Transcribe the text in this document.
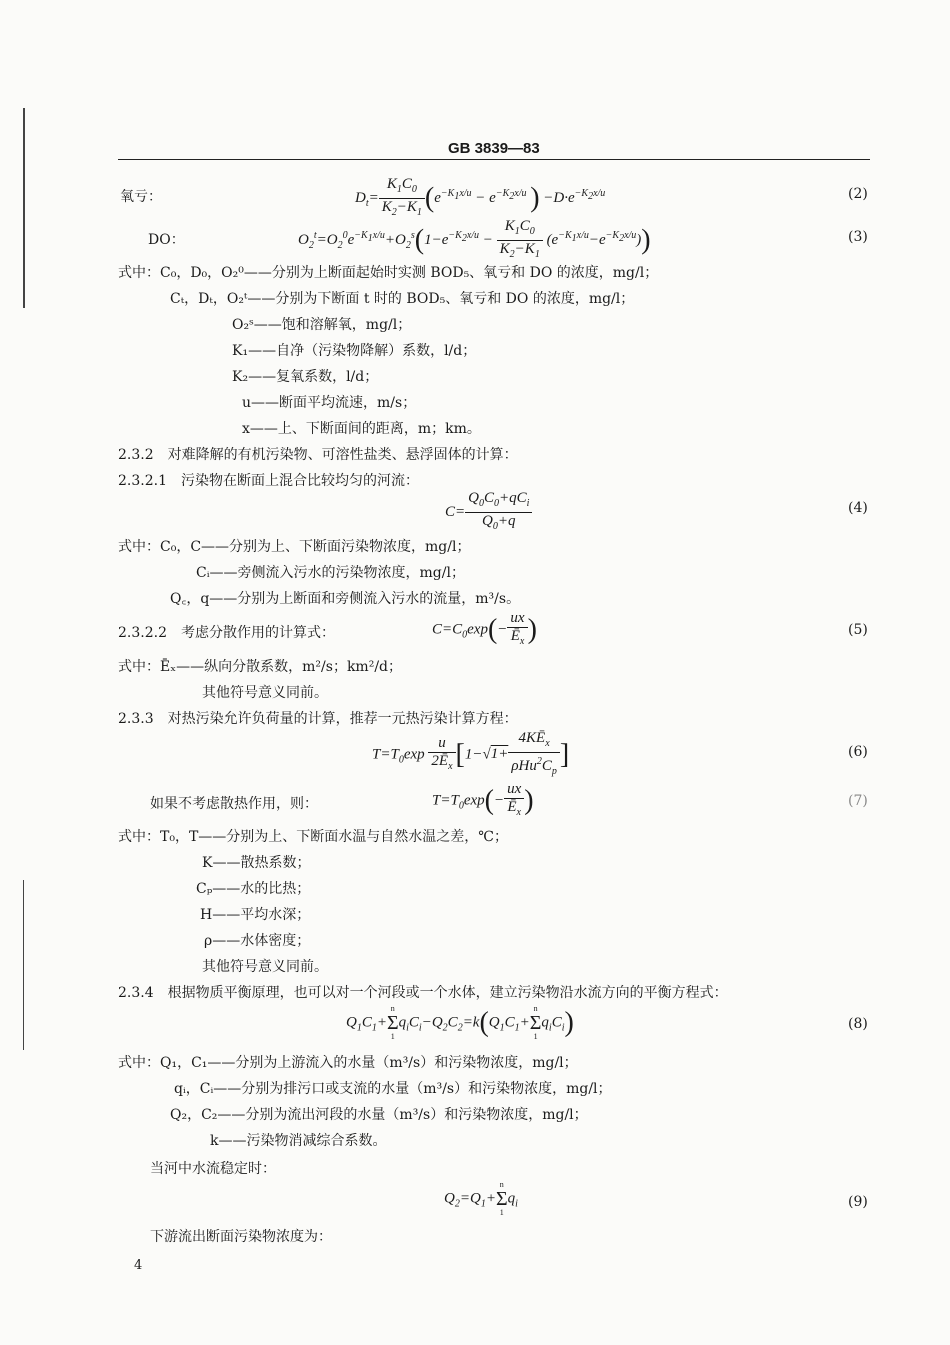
GB 3839—83
氧亏：	$D_t= \frac{K_1C_0}{K_2-K_1} (e^{-K_1x/u} - e^{-K_2x/u}$ ) $-D\cdot e^{-K_2x/u}$	(2)
DO：	$O_2^t=O_2^0e^{-K_1x/u}+O_2^s(1-e^{-K_2x/u} - \frac{K_1C_0}{K_2-K_1} (e^{-K_1x/u}-e^{-K_2x/u}))$	(3)
式中：C₀，D₀，O₂⁰——分别为上断面起始时实测 BOD₅、氧亏和 DO 的浓度，mg/l；
Cₜ，Dₜ，O₂ᵗ——分别为下断面 t 时的 BOD₅、氧亏和 DO 的浓度，mg/l；
O₂ˢ——饱和溶解氧，mg/l；
K₁——自净（污染物降解）系数，l/d；
K₂——复氧系数，l/d；
u——断面平均流速，m/s；
x——上、下断面间的距离，m；km。
2.3.2　对难降解的有机污染物、可溶性盐类、悬浮固体的计算：
2.3.2.1　污染物在断面上混合比较均匀的河流：
$C= \frac{Q_0C_0+qC_i}{Q_0+q}$	(4)
式中：C₀，C——分别为上、下断面污染物浓度，mg/l；
Cᵢ——旁侧流入污水的污染物浓度，mg/l；
Q꜀，q——分别为上断面和旁侧流入污水的流量，m³/s。
2.3.2.2　考虑分散作用的计算式：	$C=C_0\exp(- \frac{ux}{Ē_x}$ )	(5)
式中：Ēₓ——纵向分散系数，m²/s；km²/d；
其他符号意义同前。
2.3.3　对热污染允许负荷量的计算，推荐一元热污染计算方程：
$T=T_0\exp \frac{u}{2Ē_x} [1-√1+ \frac{4KĒ_x}{\rho Hu^2C_p}$ ]	(6)
如果不考虑散热作用，则：	$T=T_0\exp(- \frac{ux}{Ē_x}$ )	(7)
式中：T₀，T——分别为上、下断面水温与自然水温之差，℃；
K——散热系数；
Cₚ——水的比热；
H——平均水深；
ρ——水体密度；
其他符号意义同前。
2.3.4　根据物质平衡原理，也可以对一个河段或一个水体，建立污染物沿水流方向的平衡方程式：
$Q_1C_1+$
n
Σ
1
$q_iC_i-Q_2C_2=k(Q_1C_1+$
n
Σ
1
$q_iC_i$)	(8)
式中：Q₁，C₁——分别为上游流入的水量（m³/s）和污染物浓度，mg/l；
qᵢ，Cᵢ——分别为排污口或支流的水量（m³/s）和污染物浓度，mg/l；
Q₂，C₂——分别为流出河段的水量（m³/s）和污染物浓度，mg/l；
k——污染物消减综合系数。
当河中水流稳定时：
$Q_2=Q_1+$
n
Σ
1
$q_i$	(9)
下游流出断面污染物浓度为：
4
